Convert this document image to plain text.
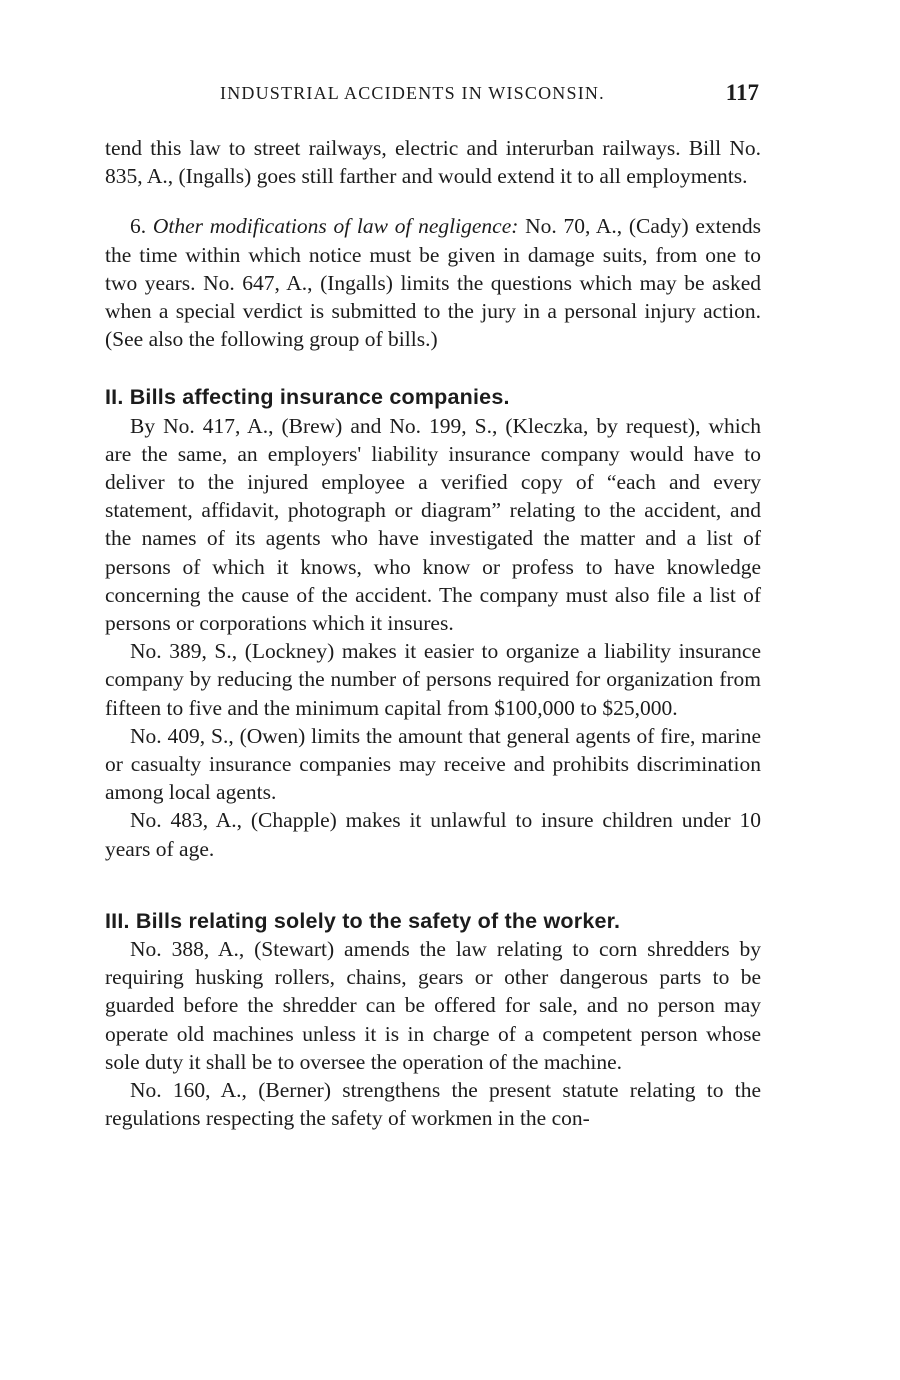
INDUSTRIAL ACCIDENTS IN WISCONSIN.	117

tend this law to street railways, electric and interurban railways. Bill No. 835, A., (Ingalls) goes still farther and would extend it to all employments.

6. Other modifications of law of negligence: No. 70, A., (Cady) extends the time within which notice must be given in damage suits, from one to two years. No. 647, A., (Ingalls) limits the questions which may be asked when a special verdict is submitted to the jury in a personal injury action. (See also the following group of bills.)

II. Bills affecting insurance companies.

By No. 417, A., (Brew) and No. 199, S., (Kleczka, by request), which are the same, an employers' liability insurance company would have to deliver to the injured employee a verified copy of “each and every statement, affidavit, photograph or diagram” relating to the accident, and the names of its agents who have investigated the matter and a list of persons of which it knows, who know or profess to have knowledge concerning the cause of the accident. The company must also file a list of persons or corporations which it insures.

No. 389, S., (Lockney) makes it easier to organize a liability insurance company by reducing the number of persons required for organization from fifteen to five and the minimum capital from $100,000 to $25,000.

No. 409, S., (Owen) limits the amount that general agents of fire, marine or casualty insurance companies may receive and prohibits discrimination among local agents.

No. 483, A., (Chapple) makes it unlawful to insure children under 10 years of age.

III. Bills relating solely to the safety of the worker.

No. 388, A., (Stewart) amends the law relating to corn shredders by requiring husking rollers, chains, gears or other dangerous parts to be guarded before the shredder can be offered for sale, and no person may operate old machines unless it is in charge of a competent person whose sole duty it shall be to oversee the operation of the machine.

No. 160, A., (Berner) strengthens the present statute relating to the regulations respecting the safety of workmen in the con-
